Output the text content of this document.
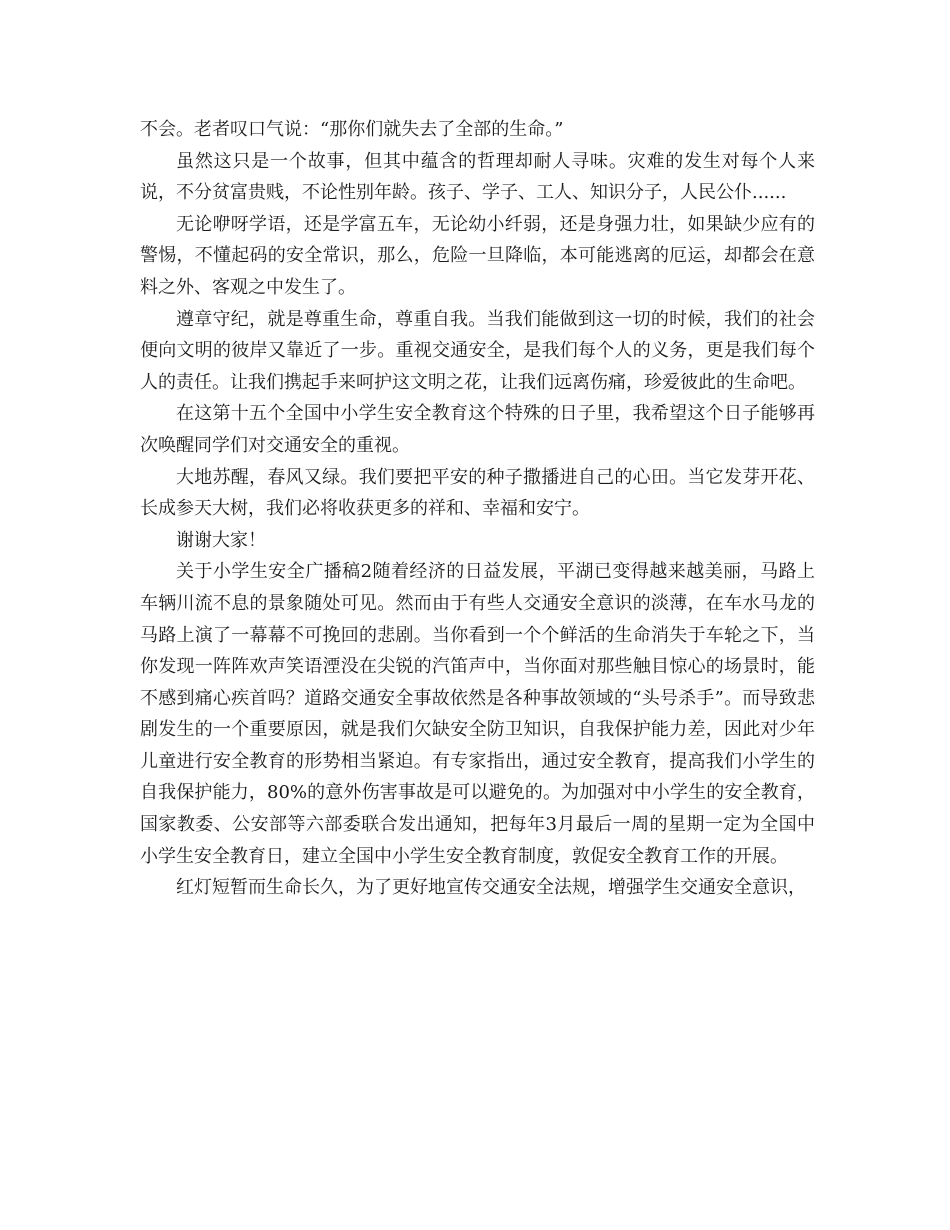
不会。老者叹口气说：“那你们就失去了全部的生命。”

虽然这只是一个故事，但其中蕴含的哲理却耐人寻味。灾难的发生对每个人来说，不分贫富贵贱，不论性别年龄。孩子、学子、工人、知识分子，人民公仆......

无论咿呀学语，还是学富五车，无论幼小纤弱，还是身强力壮，如果缺少应有的警惕，不懂起码的安全常识，那么，危险一旦降临，本可能逃离的厄运，却都会在意料之外、客观之中发生了。

遵章守纪，就是尊重生命，尊重自我。当我们能做到这一切的时候，我们的社会便向文明的彼岸又靠近了一步。重视交通安全，是我们每个人的义务，更是我们每个人的责任。让我们携起手来呵护这文明之花，让我们远离伤痛，珍爱彼此的生命吧。

在这第十五个全国中小学生安全教育这个特殊的日子里，我希望这个日子能够再次唤醒同学们对交通安全的重视。

大地苏醒，春风又绿。我们要把平安的种子撒播进自己的心田。当它发芽开花、长成参天大树，我们必将收获更多的祥和、幸福和安宁。

谢谢大家！

关于小学生安全广播稿2随着经济的日益发展，平湖已变得越来越美丽，马路上车辆川流不息的景象随处可见。然而由于有些人交通安全意识的淡薄，在车水马龙的马路上演了一幕幕不可挽回的悲剧。当你看到一个个鲜活的生命消失于车轮之下，当你发现一阵阵欢声笑语湮没在尖锐的汽笛声中，当你面对那些触目惊心的场景时，能不感到痛心疾首吗？道路交通安全事故依然是各种事故领域的“头号杀手”。而导致悲剧发生的一个重要原因，就是我们欠缺安全防卫知识，自我保护能力差，因此对少年儿童进行安全教育的形势相当紧迫。有专家指出，通过安全教育，提高我们小学生的自我保护能力，80%的意外伤害事故是可以避免的。为加强对中小学生的安全教育，国家教委、公安部等六部委联合发出通知，把每年3月最后一周的星期一定为全国中小学生安全教育日，建立全国中小学生安全教育制度，敦促安全教育工作的开展。

红灯短暂而生命长久，为了更好地宣传交通安全法规，增强学生交通安全意识，
